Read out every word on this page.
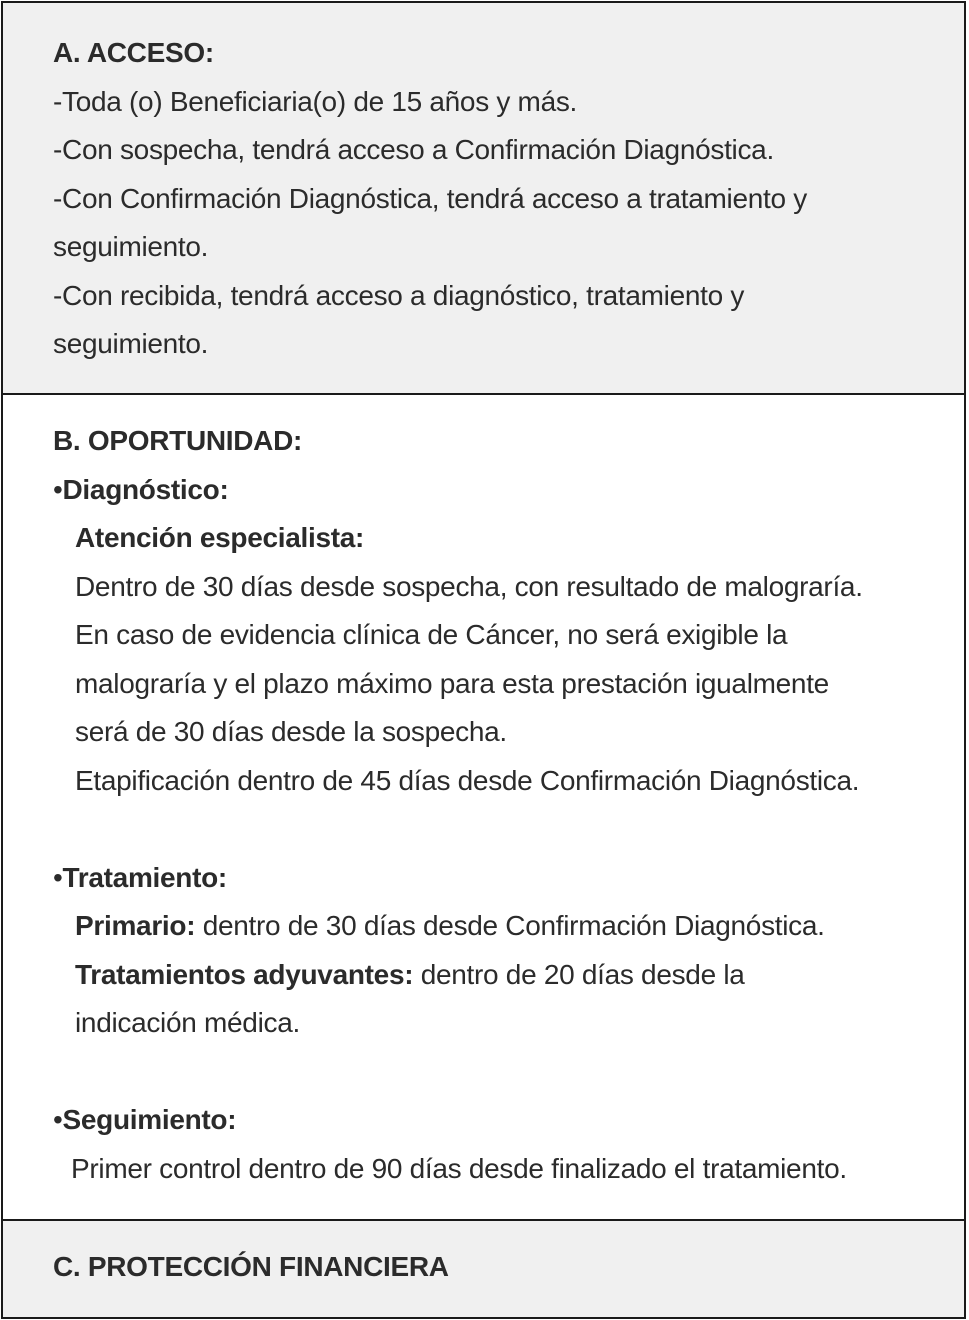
A. ACCESO:
-Toda (o) Beneficiaria(o) de 15 años y más.
-Con sospecha, tendrá acceso a Confirmación Diagnóstica.
-Con Confirmación Diagnóstica, tendrá acceso a tratamiento y
seguimiento.
-Con recibida, tendrá acceso a diagnóstico, tratamiento y
seguimiento.
B. OPORTUNIDAD:
•Diagnóstico:
Atención especialista:
Dentro de 30 días desde sospecha, con resultado de malograría.
En caso de evidencia clínica de Cáncer, no será exigible la
malograría y el plazo máximo para esta prestación igualmente
será de 30 días desde la sospecha.
Etapificación dentro de 45 días desde Confirmación Diagnóstica.
•Tratamiento:
Primario: dentro de 30 días desde Confirmación Diagnóstica.
Tratamientos adyuvantes: dentro de 20 días desde la
indicación médica.
•Seguimiento:
Primer control dentro de 90 días desde finalizado el tratamiento.
C. PROTECCIÓN FINANCIERA
